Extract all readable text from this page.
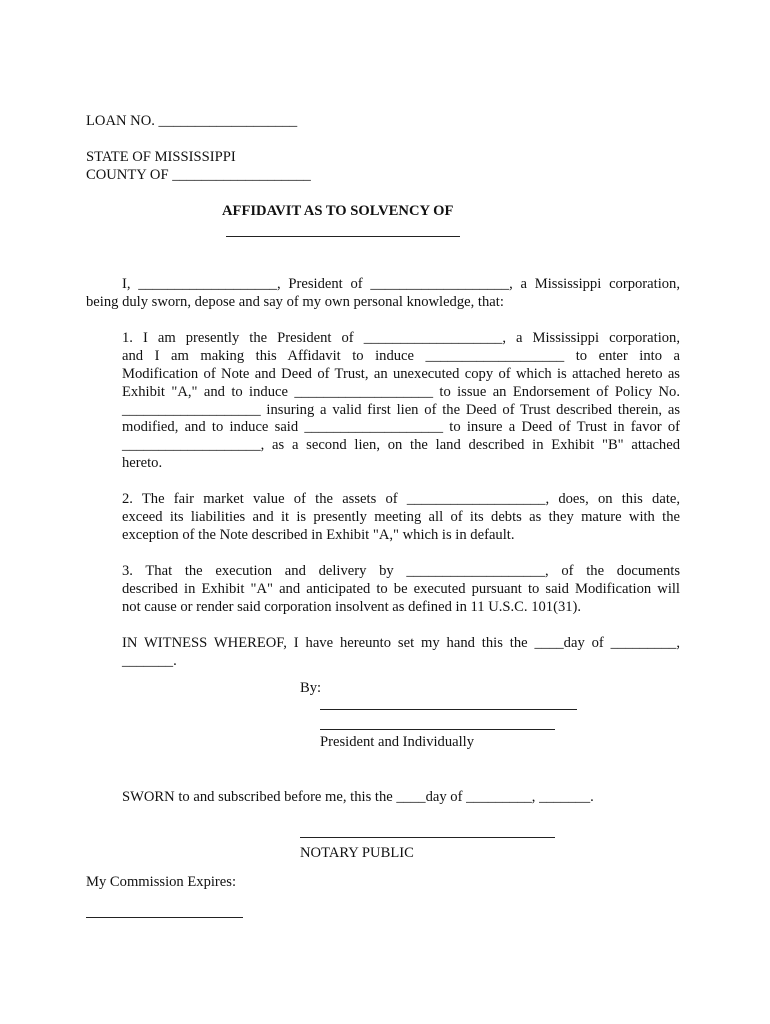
LOAN NO. ___________________
STATE OF MISSISSIPPI
COUNTY OF ___________________
AFFIDAVIT AS TO SOLVENCY OF
I, ___________________, President of ___________________, a Mississippi corporation,
being duly sworn, depose and say of my own personal knowledge, that:
1. I am presently the President of ___________________, a Mississippi corporation,
and I am making this Affidavit to induce ___________________ to enter into a
Modification of Note and Deed of Trust, an unexecuted copy of which is attached hereto as
Exhibit "A," and to induce ___________________ to issue an Endorsement of Policy No.
___________________ insuring a valid first lien of the Deed of Trust described therein, as
modified, and to induce said ___________________ to insure a Deed of Trust in favor of
___________________, as a second lien, on the land described in Exhibit "B" attached
hereto.
2. The fair market value of the assets of ___________________, does, on this date,
exceed its liabilities and it is presently meeting all of its debts as they mature with the
exception of the Note described in Exhibit "A," which is in default.
3. That the execution and delivery by ___________________, of the documents
described in Exhibit "A" and anticipated to be executed pursuant to said Modification will
not cause or render said corporation insolvent as defined in 11 U.S.C. 101(31).
IN WITNESS WHEREOF, I have hereunto set my hand this the ____day of _________,
_______.
By:
President and Individually
SWORN to and subscribed before me, this the ____day of _________, _______.
NOTARY PUBLIC
My Commission Expires:
